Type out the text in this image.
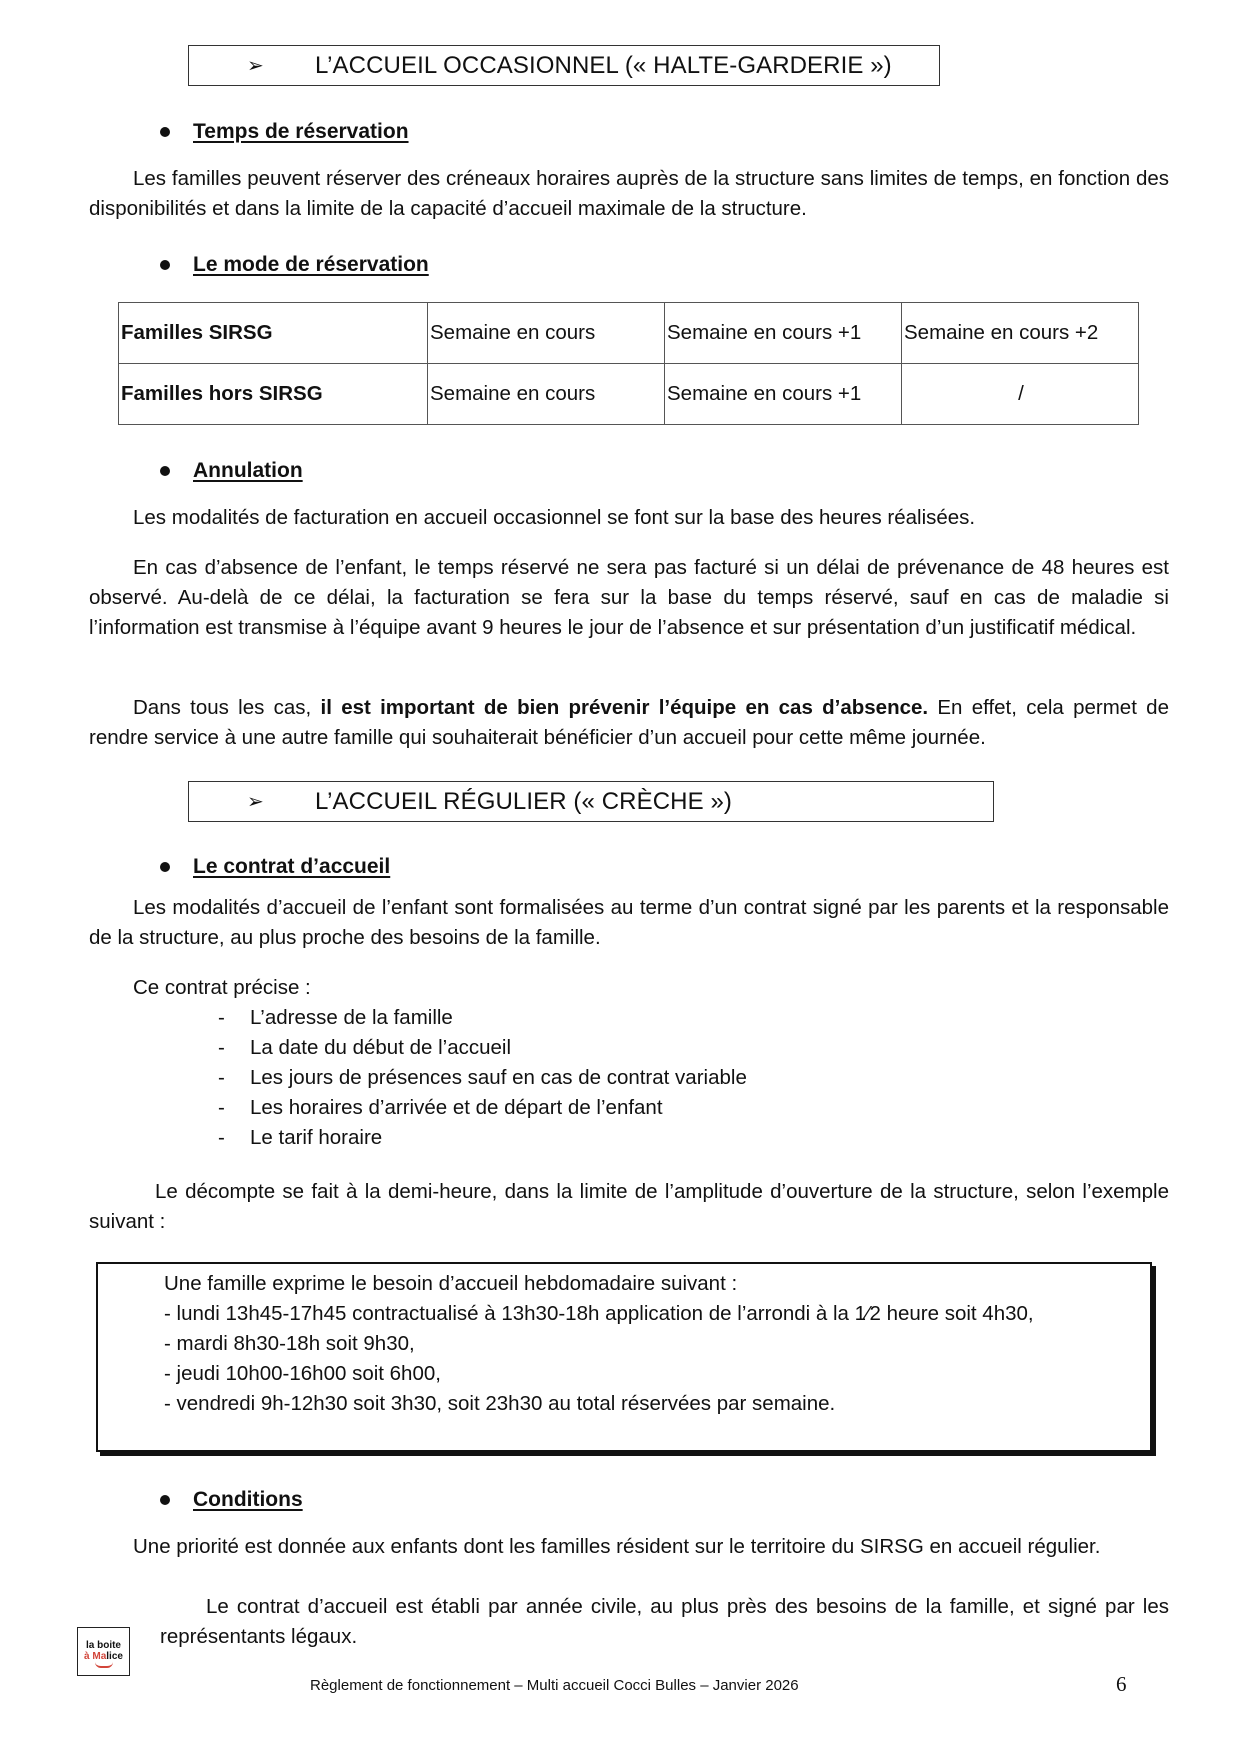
➢	L’ACCUEIL OCCASIONNEL (« HALTE-GARDERIE »)
Temps de réservation
Les familles peuvent réserver des créneaux horaires auprès de la structure sans limites de temps, en fonction des disponibilités et dans la limite de la capacité d’accueil maximale de la structure.
Le mode de réservation
Familles SIRSG	Semaine en cours	Semaine en cours +1	Semaine en cours +2
Familles hors SIRSG	Semaine en cours	Semaine en cours +1	/
Annulation
Les modalités de facturation en accueil occasionnel se font sur la base des heures réalisées.
En cas d’absence de l’enfant, le temps réservé ne sera pas facturé si un délai de prévenance de 48 heures est observé. Au-delà de ce délai, la facturation se fera sur la base du temps réservé, sauf en cas de maladie si l’information est transmise à l’équipe avant 9 heures le jour de l’absence et sur présentation d’un justificatif médical.
Dans tous les cas, il est important de bien prévenir l’équipe en cas d’absence. En effet, cela permet de rendre service à une autre famille qui souhaiterait bénéficier d’un accueil pour cette même journée.
➢	L’ACCUEIL RÉGULIER (« CRÈCHE »)
Le contrat d’accueil
Les modalités d’accueil de l’enfant sont formalisées au terme d’un contrat signé par les parents et la responsable de la structure, au plus proche des besoins de la famille.
Ce contrat précise :
-	L’adresse de la famille
-	La date du début de l’accueil
-	Les jours de présences sauf en cas de contrat variable
-	Les horaires d’arrivée et de départ de l’enfant
-	Le tarif horaire
Le décompte se fait à la demi-heure, dans la limite de l’amplitude d’ouverture de la structure, selon l’exemple suivant :
Une famille exprime le besoin d’accueil hebdomadaire suivant :
- lundi 13h45-17h45 contractualisé à 13h30-18h application de l’arrondi à la 1⁄2 heure soit 4h30,
- mardi 8h30-18h soit 9h30,
- jeudi 10h00-16h00 soit 6h00,
- vendredi 9h-12h30 soit 3h30, soit 23h30 au total réservées par semaine.
Conditions
Une priorité est donnée aux enfants dont les familles résident sur le territoire du SIRSG en accueil régulier.
Le contrat d’accueil est établi par année civile, au plus près des besoins de la famille, et signé par les représentants légaux.
la boite
à Malice
Règlement de fonctionnement – Multi accueil Cocci Bulles – Janvier 2026	6
